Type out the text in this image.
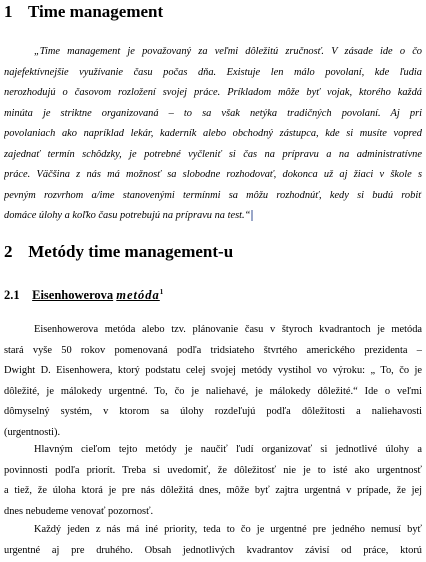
1 Time management
„Time management je považovaný za veľmi dôležitú zručnosť. V zásade ide o čo
najefektívnejšie využívanie času počas dňa. Existuje len málo povolaní, kde ľudia
nerozhodujú o časovom rozložení svojej práce. Príkladom môže byť vojak, ktorého každá
minúta je striktne organizovaná – to sa však netýka tradičných povolaní. Aj pri
povolaniach ako napríklad lekár, kaderník alebo obchodný zástupca, kde si musíte vopred
zajednať termín schôdzky, je potrebné vyčleniť si čas na prípravu a na administratívne
práce. Väčšina z nás má možnosť sa slobodne rozhodovať, dokonca už aj žiaci v škole s
pevným rozvrhom a/ime stanovenými termínmi sa môžu rozhodnúť, kedy si budú robiť
domáce úlohy a koľko času potrebujú na prípravu na test.“
2 Metódy time management-u
2.1 Eisenhowerova metóda$^1$
Eisenhowerova metóda alebo tzv. plánovanie času v štyroch kvadrantoch je metóda
stará vyše 50 rokov pomenovaná podľa tridsiateho štvrtého amerického prezidenta –
Dwight D. Eisenhowera, ktorý podstatu celej svojej metódy vystihol vo výroku: „ To, čo je
dôležité, je málokedy urgentné. To, čo je naliehavé, je málokedy dôležité.“ Ide o veľmi
dômyselný systém, v ktorom sa úlohy rozdeľujú podľa dôležitosti a naliehavosti
(urgentnosti).
Hlavným cieľom tejto metódy je naučiť ľudí organizovať si jednotlivé úlohy a
povinnosti podľa priorít. Treba si uvedomiť, že dôležitosť nie je to isté ako urgentnosť
a tiež, že úloha ktorá je pre nás dôležitá dnes, môže byť zajtra urgentná v prípade, že jej
dnes nebudeme venovať pozornosť.
Každý jeden z nás má iné priority, teda to čo je urgentné pre jedného nemusí byť
urgentné aj pre druhého. Obsah jednotlivých kvadrantov závisí od práce, ktorú
